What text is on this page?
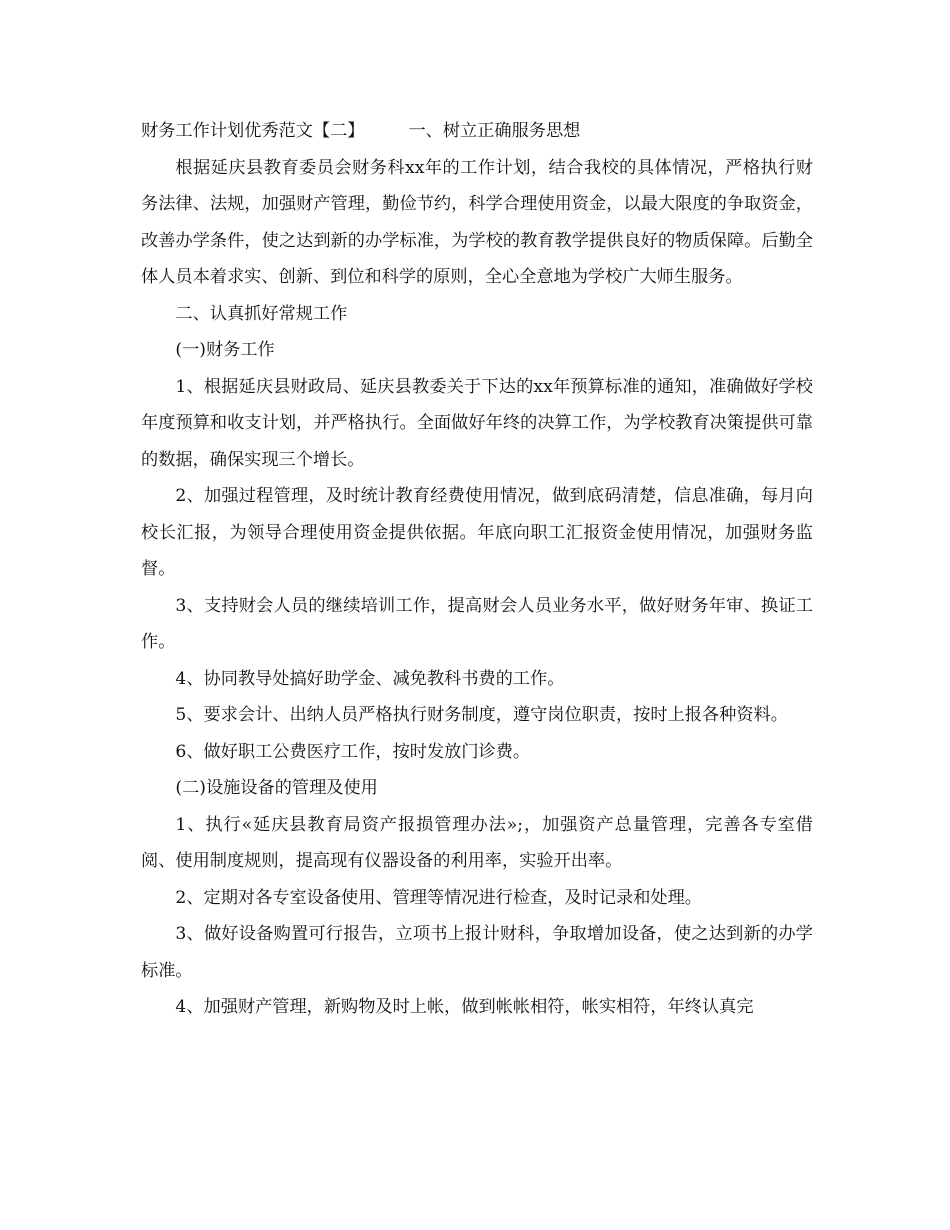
财务工作计划优秀范文【二】	一、树立正确服务思想

根据延庆县教育委员会财务科xx年的工作计划，结合我校的具体情况，严格执行财务法律、法规，加强财产管理，勤俭节约，科学合理使用资金，以最大限度的争取资金，改善办学条件，使之达到新的办学标准，为学校的教育教学提供良好的物质保障。后勤全体人员本着求实、创新、到位和科学的原则，全心全意地为学校广大师生服务。

二、认真抓好常规工作

(一)财务工作

1、根据延庆县财政局、延庆县教委关于下达的xx年预算标准的通知，准确做好学校年度预算和收支计划，并严格执行。全面做好年终的决算工作，为学校教育决策提供可靠的数据，确保实现三个增长。

2、加强过程管理，及时统计教育经费使用情况，做到底码清楚，信息准确，每月向校长汇报，为领导合理使用资金提供依据。年底向职工汇报资金使用情况，加强财务监督。

3、支持财会人员的继续培训工作，提高财会人员业务水平，做好财务年审、换证工作。

4、协同教导处搞好助学金、减免教科书费的工作。

5、要求会计、出纳人员严格执行财务制度，遵守岗位职责，按时上报各种资料。

6、做好职工公费医疗工作，按时发放门诊费。

(二)设施设备的管理及使用

1、执行«延庆县教育局资产报损管理办法»;，加强资产总量管理，完善各专室借阅、使用制度规则，提高现有仪器设备的利用率，实验开出率。

2、定期对各专室设备使用、管理等情况进行检查，及时记录和处理。

3、做好设备购置可行报告，立项书上报计财科，争取增加设备，使之达到新的办学标准。

4、加强财产管理，新购物及时上帐，做到帐帐相符，帐实相符，年终认真完
